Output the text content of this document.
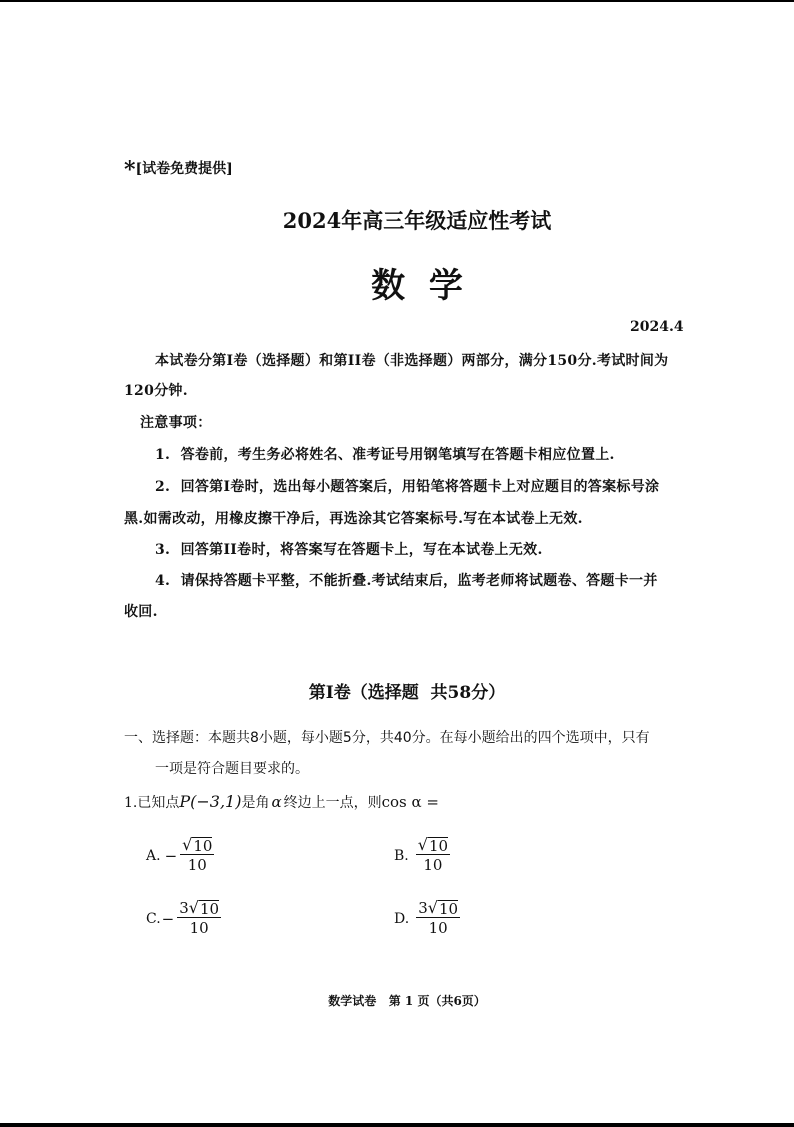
*[试卷免费提供]
2024年高三年级适应性考试
数  学
2024.4
本试卷分第I卷（选择题）和第II卷（非选择题）两部分，满分150分.考试时间为
120分钟.
注意事项：
1.  答卷前，考生务必将姓名、准考证号用钢笔填写在答题卡相应位置上.
2.  回答第I卷时，选出每小题答案后，用铅笔将答题卡上对应题目的答案标号涂
黑.如需改动，用橡皮擦干净后，再选涂其它答案标号.写在本试卷上无效.
3.  回答第II卷时，将答案写在答题卡上，写在本试卷上无效.
4.  请保持答题卡平整，不能折叠.考试结束后，监考老师将试题卷、答题卡一并
收回.
第I卷（选择题  共58分）
一、选择题：本题共8小题，每小题5分，共40分。在每小题给出的四个选项中，只有
一项是符合题目要求的。
1.已知点 P(−3,1) 是角 α 终边上一点，则 cos α =
A. − $\frac{√ 10}{10}$	B. $\frac{√ 10}{10}$
C. − $\frac{3 √ 10}{10}$	D. $\frac{3 √ 10}{10}$
数学试卷   第 1 页（共6页）
